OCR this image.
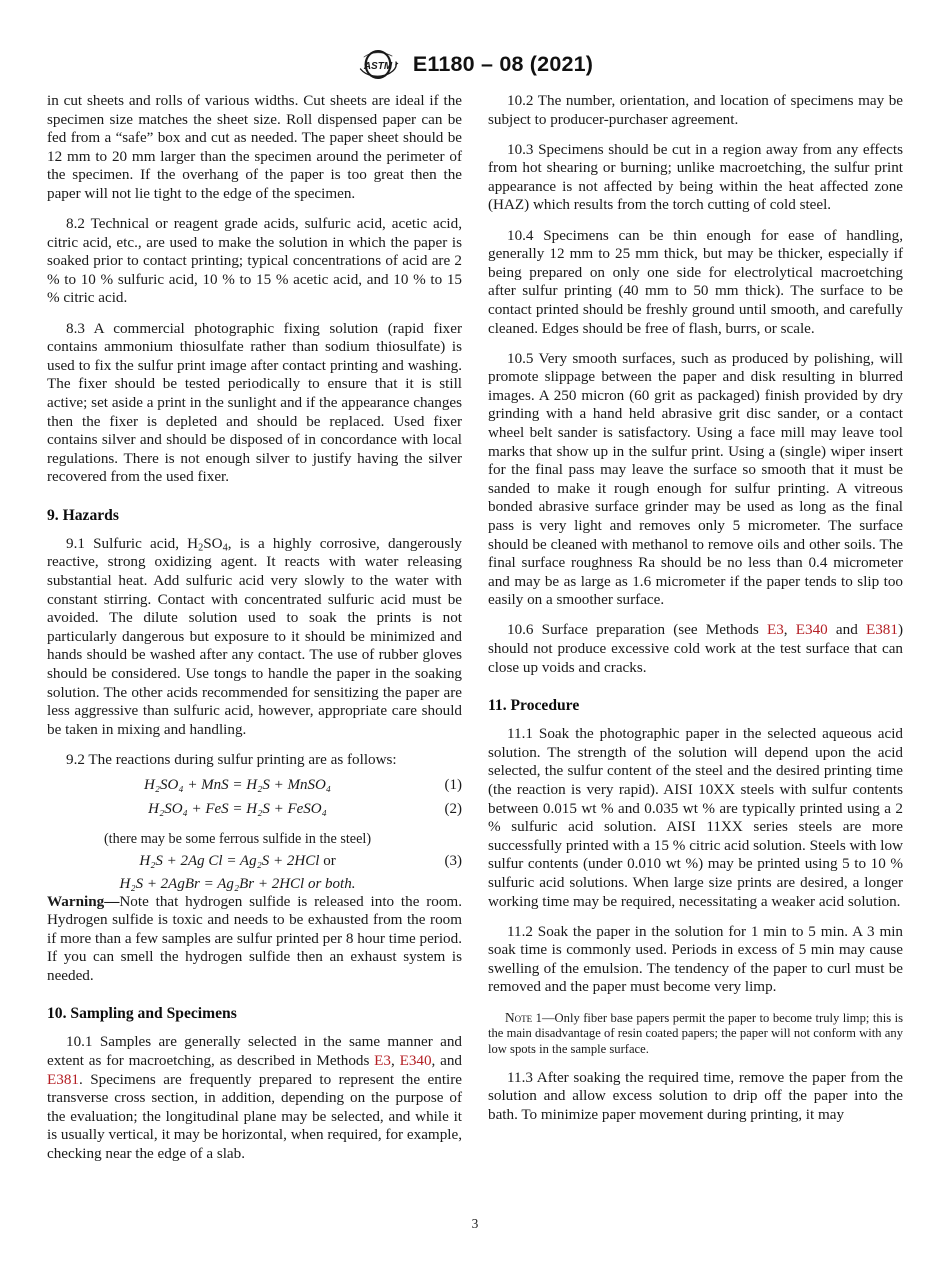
ASTM E1180 – 08 (2021)

in cut sheets and rolls of various widths. Cut sheets are ideal if the specimen size matches the sheet size. Roll dispensed paper can be fed from a “safe” box and cut as needed. The paper sheet should be 12 mm to 20 mm larger than the specimen around the perimeter of the specimen. If the overhang of the paper is too great then the paper will not lie tight to the edge of the specimen.

8.2 Technical or reagent grade acids, sulfuric acid, acetic acid, citric acid, etc., are used to make the solution in which the paper is soaked prior to contact printing; typical concentrations of acid are 2 % to 10 % sulfuric acid, 10 % to 15 % acetic acid, and 10 % to 15 % citric acid.

8.3 A commercial photographic fixing solution (rapid fixer contains ammonium thiosulfate rather than sodium thiosulfate) is used to fix the sulfur print image after contact printing and washing. The fixer should be tested periodically to ensure that it is still active; set aside a print in the sunlight and if the appearance changes then the fixer is depleted and should be replaced. Used fixer contains silver and should be disposed of in concordance with local regulations. There is not enough silver to justify having the silver recovered from the used fixer.

9. Hazards

9.1 Sulfuric acid, $H_2SO_4$, is a highly corrosive, dangerously reactive, strong oxidizing agent. It reacts with water releasing substantial heat. Add sulfuric acid very slowly to the water with constant stirring. Contact with concentrated sulfuric acid must be avoided. The dilute solution used to soak the prints is not particularly dangerous but exposure to it should be minimized and hands should be washed after any contact. The use of rubber gloves should be considered. Use tongs to handle the paper in the soaking solution. The other acids recommended for sensitizing the paper are less aggressive than sulfuric acid, however, appropriate care should be taken in mixing and handling.

9.2 The reactions during sulfur printing are as follows:

H₂SO₄ + MnS = H₂S + MnSO₄	(1)
H₂SO₄ + FeS = H₂S + FeSO₄	(2)
(there may be some ferrous sulfide in the steel)
H₂S + 2Ag Cl = Ag₂S + 2HCl or	(3)
H₂S + 2AgBr = Ag₂Br + 2HCl or both.

Warning—Note that hydrogen sulfide is released into the room. Hydrogen sulfide is toxic and needs to be exhausted from the room if more than a few samples are sulfur printed per 8 hour time period. If you can smell the hydrogen sulfide then an exhaust system is needed.

10. Sampling and Specimens

10.1 Samples are generally selected in the same manner and extent as for macroetching, as described in Methods E3, E340, and E381. Specimens are frequently prepared to represent the entire transverse cross section, in addition, depending on the purpose of the evaluation; the longitudinal plane may be selected, and while it is usually vertical, it may be horizontal, when required, for example, checking near the edge of a slab.

10.2 The number, orientation, and location of specimens may be subject to producer-purchaser agreement.

10.3 Specimens should be cut in a region away from any effects from hot shearing or burning; unlike macroetching, the sulfur print appearance is not affected by being within the heat affected zone (HAZ) which results from the torch cutting of cold steel.

10.4 Specimens can be thin enough for ease of handling, generally 12 mm to 25 mm thick, but may be thicker, especially if being prepared on only one side for electrolytical macroetching after sulfur printing (40 mm to 50 mm thick). The surface to be contact printed should be freshly ground until smooth, and carefully cleaned. Edges should be free of flash, burrs, or scale.

10.5 Very smooth surfaces, such as produced by polishing, will promote slippage between the paper and disk resulting in blurred images. A 250 micron (60 grit as packaged) finish provided by dry grinding with a hand held abrasive grit disc sander, or a contact wheel belt sander is satisfactory. Using a face mill may leave tool marks that show up in the sulfur print. Using a (single) wiper insert for the final pass may leave the surface so smooth that it must be sanded to make it rough enough for sulfur printing. A vitreous bonded abrasive surface grinder may be used as long as the final pass is very light and removes only 5 micrometer. The surface should be cleaned with methanol to remove oils and other soils. The final surface roughness Ra should be no less than 0.4 micrometer and may be as large as 1.6 micrometer if the paper tends to slip too easily on a smoother surface.

10.6 Surface preparation (see Methods E3, E340 and E381) should not produce excessive cold work at the test surface that can close up voids and cracks.

11. Procedure

11.1 Soak the photographic paper in the selected aqueous acid solution. The strength of the solution will depend upon the acid selected, the sulfur content of the steel and the desired printing time (the reaction is very rapid). AISI 10XX steels with sulfur contents between 0.015 wt % and 0.035 wt % are typically printed using a 2 % sulfuric acid solution. AISI 11XX series steels are more successfully printed with a 15 % citric acid solution. Steels with low sulfur contents (under 0.010 wt %) may be printed using 5 to 10 % sulfuric acid solutions. When large size prints are desired, a longer working time may be required, necessitating a weaker acid solution.

11.2 Soak the paper in the solution for 1 min to 5 min. A 3 min soak time is commonly used. Periods in excess of 5 min may cause swelling of the emulsion. The tendency of the paper to curl must be removed and the paper must become very limp.

Note 1—Only fiber base papers permit the paper to become truly limp; this is the main disadvantage of resin coated papers; the paper will not conform with any low spots in the sample surface.

11.3 After soaking the required time, remove the paper from the solution and allow excess solution to drip off the paper into the bath. To minimize paper movement during printing, it may

3
